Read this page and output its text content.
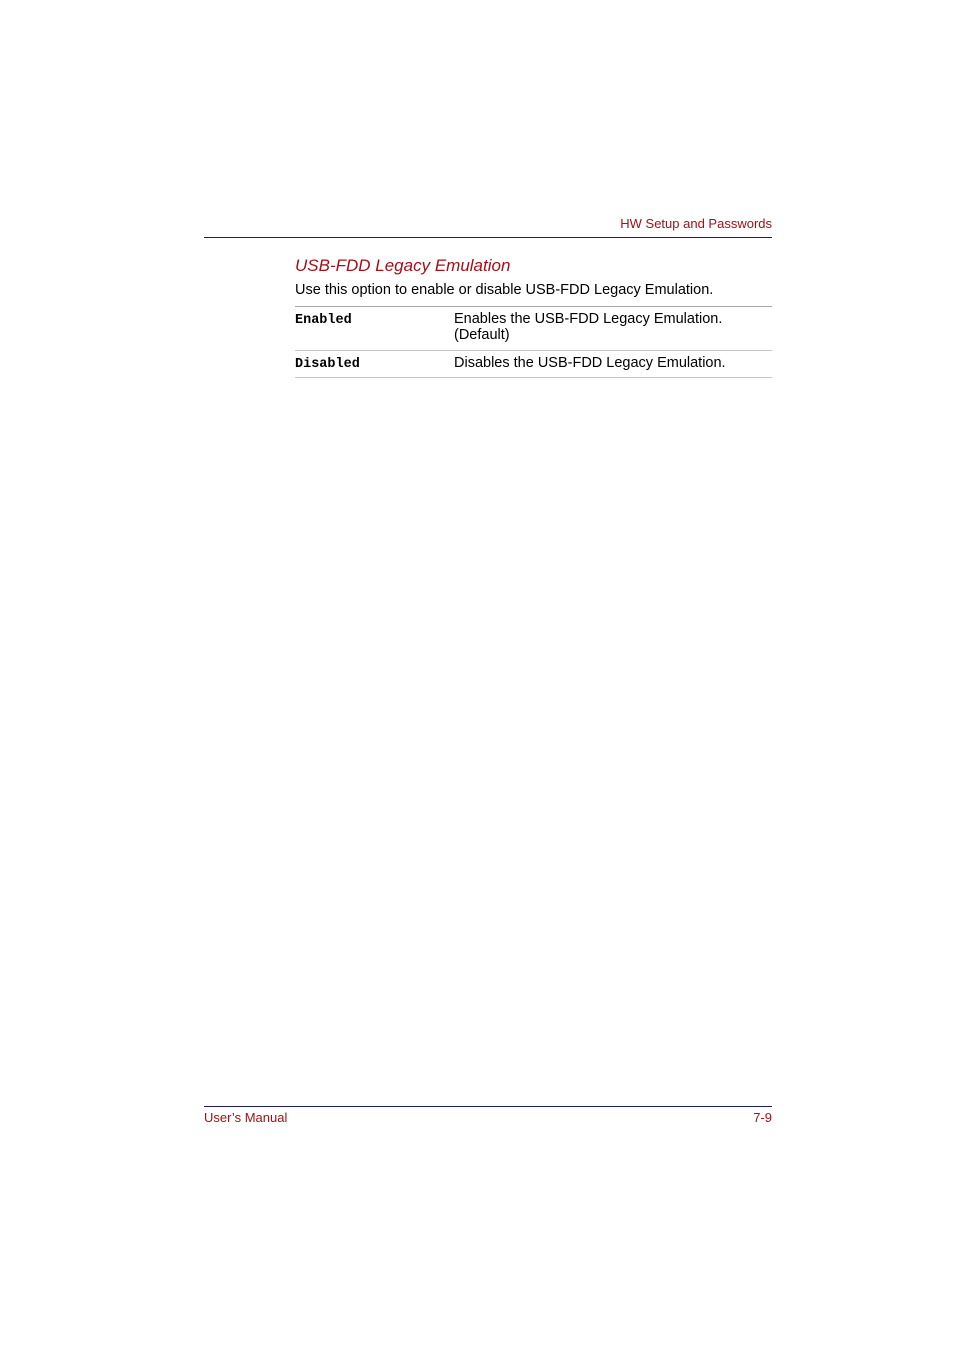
HW Setup and Passwords
USB-FDD Legacy Emulation
Use this option to enable or disable USB-FDD Legacy Emulation.
Enabled	Enables the USB-FDD Legacy Emulation.
(Default)
Disabled	Disables the USB-FDD Legacy Emulation.
User’s Manual	7-9
